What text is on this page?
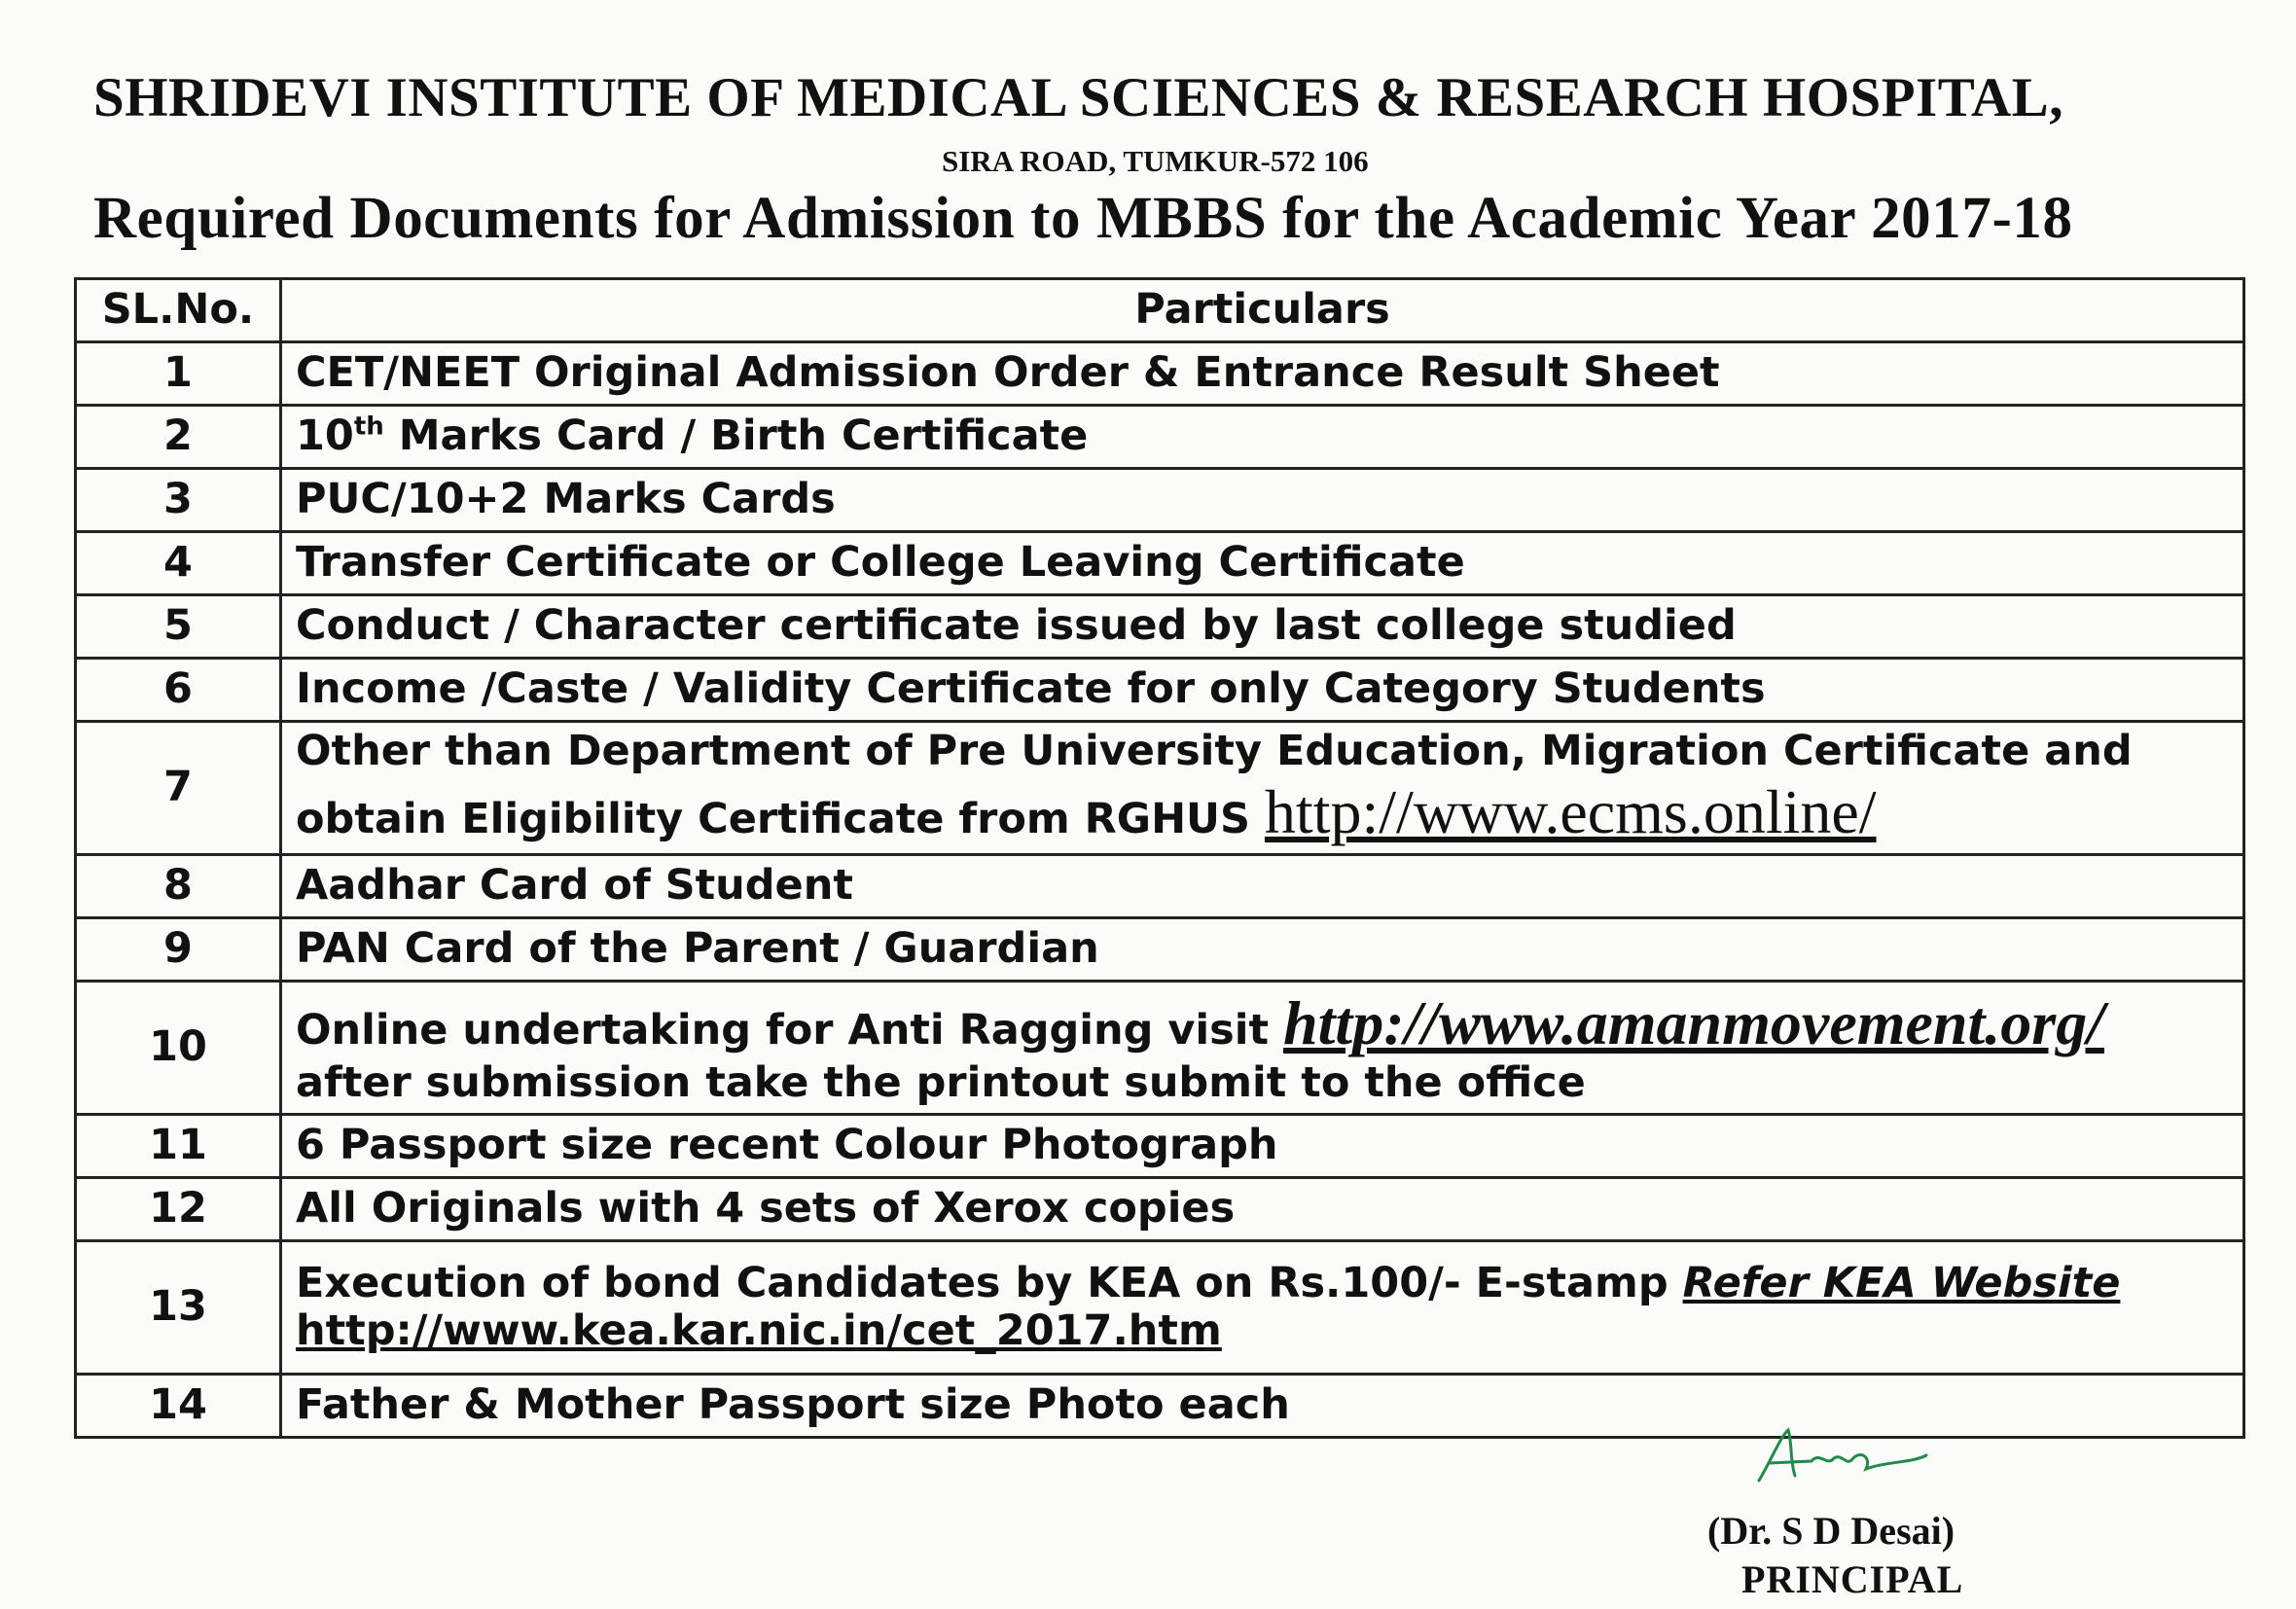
SHRIDEVI INSTITUTE OF MEDICAL SCIENCES & RESEARCH HOSPITAL,
SIRA ROAD, TUMKUR-572 106
Required Documents for Admission to MBBS for the Academic Year 2017-18
SL.No.	Particulars
1	CET/NEET Original Admission Order & Entrance Result Sheet
2	10th Marks Card / Birth Certificate
3	PUC/10+2 Marks Cards
4	Transfer Certificate or College Leaving Certificate
5	Conduct / Character certificate issued by last college studied
6	Income /Caste / Validity Certificate for only Category Students
7	Other than Department of Pre University Education, Migration Certificate and
obtain Eligibility Certificate from RGHUS http://www.ecms.online/

8	Aadhar Card of Student
9	PAN Card of the Parent / Guardian
10	Online undertaking for Anti Ragging visit http://www.amanmovement.org/
after submission take the printout submit to the office

11	6 Passport size recent Colour Photograph
12	All Originals with 4 sets of Xerox copies
13	Execution of bond Candidates by KEA on Rs.100/- E-stamp Refer KEA Website
http://www.kea.kar.nic.in/cet_2017.htm

14	Father & Mother Passport size Photo each
(Dr. S D Desai)
PRINCIPAL
